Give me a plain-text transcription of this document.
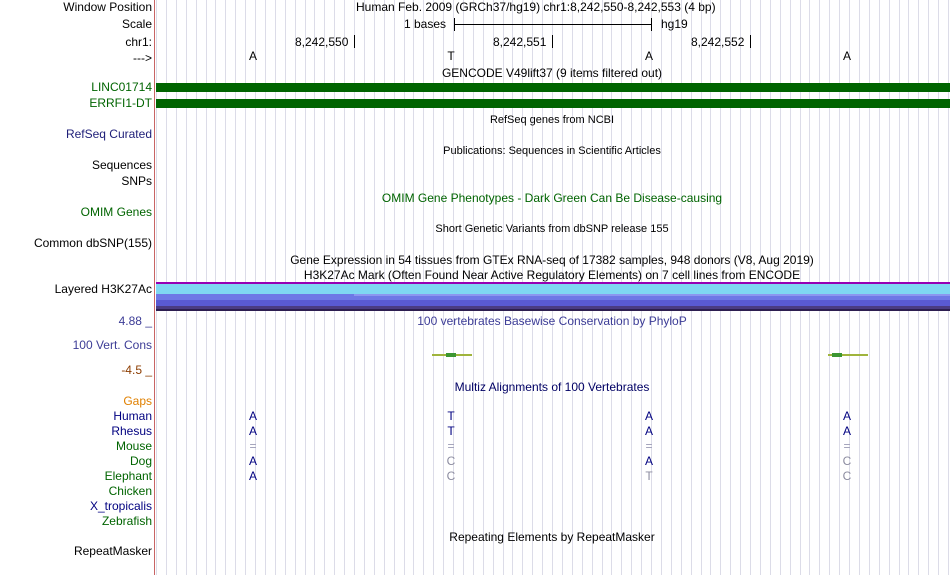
Window Position	Human Feb. 2009 (GRCh37/hg19) chr1:8,242,550-8,242,553 (4 bp)
Scale	1 bases	hg19
chr1:	8,242,550	8,242,551	8,242,552
--->	A	T	A	A
GENCODE V49lift37 (9 items filtered out)
LINC01714
ERRFI1-DT
RefSeq genes from NCBI
RefSeq Curated
Publications: Sequences in Scientific Articles
Sequences
SNPs
OMIM Gene Phenotypes - Dark Green Can Be Disease-causing
OMIM Genes
Short Genetic Variants from dbSNP release 155
Common dbSNP(155)
Gene Expression in 54 tissues from GTEx RNA-seq of 17382 samples, 948 donors (V8, Aug 2019)
H3K27Ac Mark (Often Found Near Active Regulatory Elements) on 7 cell lines from ENCODE
Layered H3K27Ac
4.88 _	100 vertebrates Basewise Conservation by PhyloP
100 Vert. Cons
-4.5 _
Multiz Alignments of 100 Vertebrates
Gaps
Human	A	T	A	A
Rhesus	A	T	A	A
Mouse	=	=	=	=
Dog	A	C	A	C
Elephant	A	C	T	C
Chicken
X_tropicalis
Zebrafish
Repeating Elements by RepeatMasker
RepeatMasker
